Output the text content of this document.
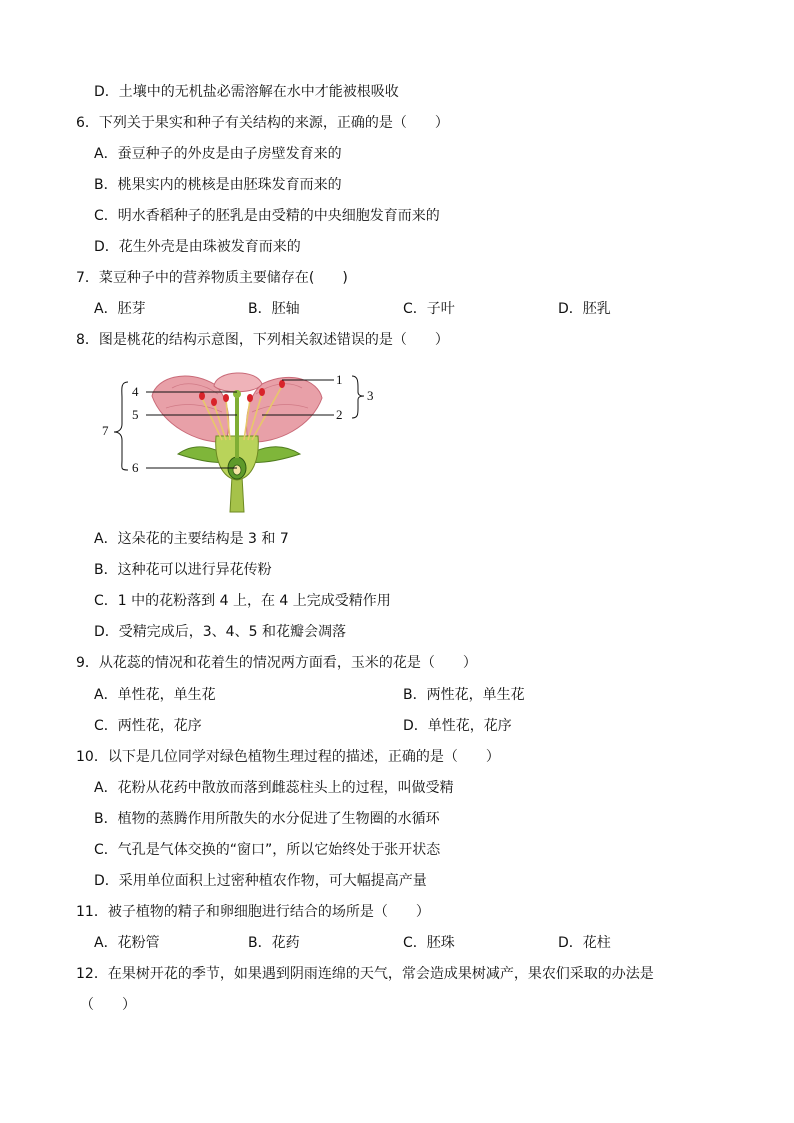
D．土壤中的无机盐必需溶解在水中才能被根吸收
6．下列关于果实和种子有关结构的来源，正确的是（　　）
A．蚕豆种子的外皮是由子房壁发育来的
B．桃果实内的桃核是由胚珠发育而来的
C．明水香稻种子的胚乳是由受精的中央细胞发育而来的
D．花生外壳是由珠被发育而来的
7．菜豆种子中的营养物质主要储存在(　　)
A．胚芽	B．胚轴	C．子叶	D．胚乳
8．图是桃花的结构示意图，下列相关叙述错误的是（　　）
4
5
6
7
1
2
3
A．这朵花的主要结构是 3 和 7
B．这种花可以进行异花传粉
C．1 中的花粉落到 4 上，在 4 上完成受精作用
D．受精完成后，3、4、5 和花瓣会凋落
9．从花蕊的情况和花着生的情况两方面看，玉米的花是（　　）
A．单性花，单生花	B．两性花，单生花
C．两性花，花序	D．单性花，花序
10．以下是几位同学对绿色植物生理过程的描述，正确的是（　　）
A．花粉从花药中散放而落到雌蕊柱头上的过程，叫做受精
B．植物的蒸腾作用所散失的水分促进了生物圈的水循环
C．气孔是气体交换的“窗口”，所以它始终处于张开状态
D．采用单位面积上过密种植农作物，可大幅提高产量
11．被子植物的精子和卵细胞进行结合的场所是（　　）
A．花粉管	B．花药	C．胚珠	D．花柱
12．在果树开花的季节，如果遇到阴雨连绵的天气，常会造成果树减产，果农们采取的办法是
（　　）
